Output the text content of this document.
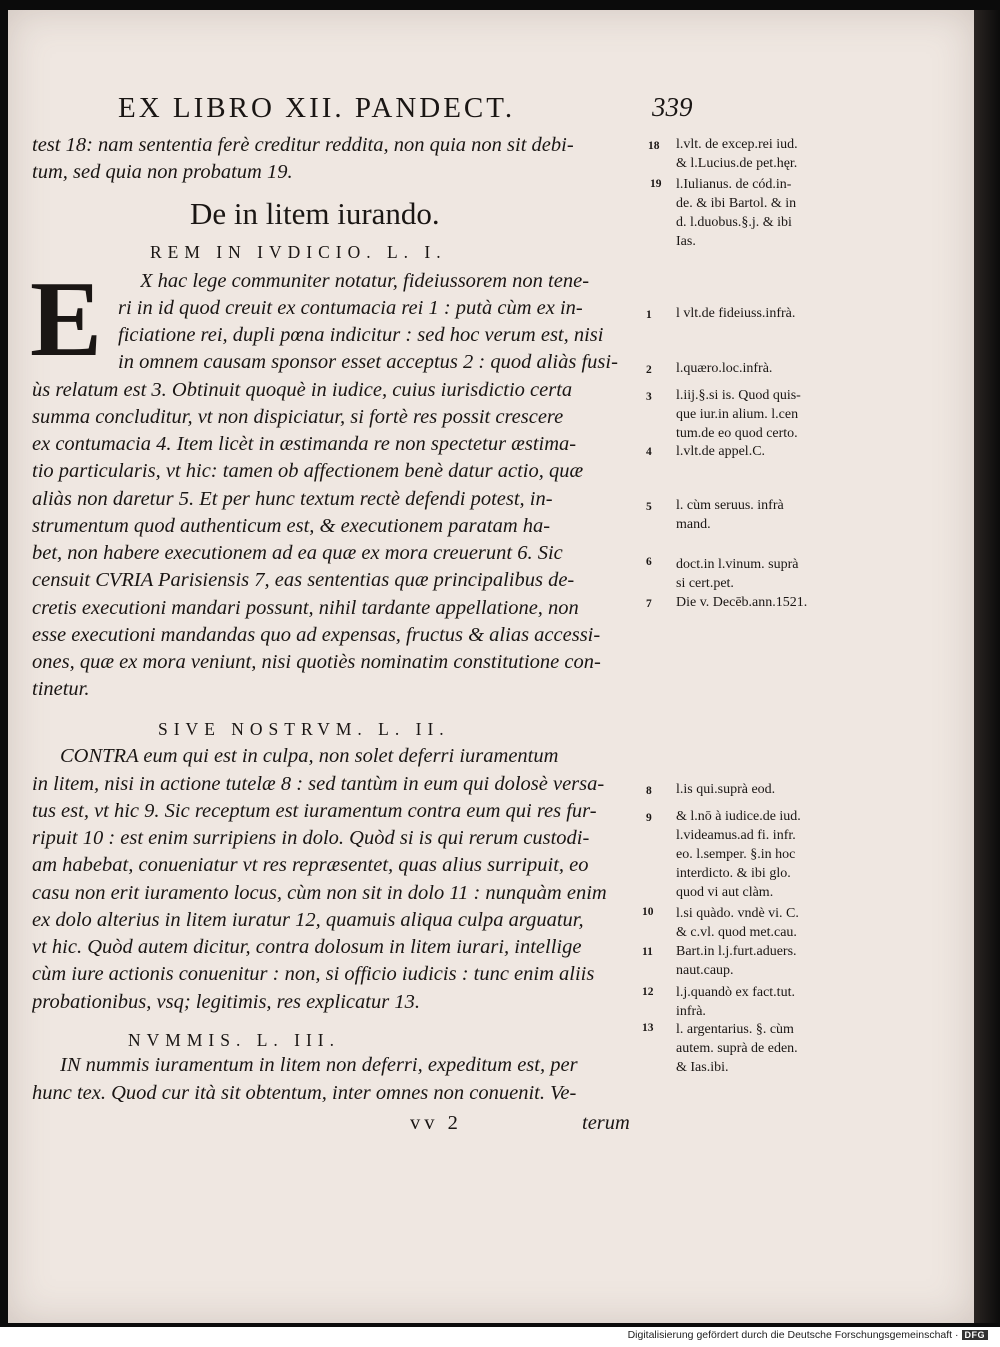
EX LIBRO XII. PANDECT.	339
test 18: nam sententia ferè creditur reddita, non quia non sit debi-
tum, sed quia non probatum 19.
De in litem iurando.
REM IN IVDICIO. L. I.
E X hac lege communiter notatur, fideiussorem non tene-
ri in id quod creuit ex contumacia rei 1 : putà cùm ex in-
ficiatione rei, dupli pœna indicitur : sed hoc verum est, nisi
in omnem causam sponsor esset acceptus 2 : quod aliàs fusi-
ùs relatum est 3. Obtinuit quoquè in iudice, cuius iurisdictio certa
summa concluditur, vt non dispiciatur, si fortè res possit crescere
ex contumacia 4. Item licèt in æstimanda re non spectetur æstima-
tio particularis, vt hic: tamen ob affectionem benè datur actio, quæ
aliàs non daretur 5. Et per hunc textum rectè defendi potest, in-
strumentum quod authenticum est, & executionem paratam ha-
bet, non habere executionem ad ea quæ ex mora creuerunt 6. Sic
censuit CVRIA Parisiensis 7, eas sententias quæ principalibus de-
cretis executioni mandari possunt, nihil tardante appellatione, non
esse executioni mandandas quo ad expensas, fructus & alias accessi-
ones, quæ ex mora veniunt, nisi quotiès nominatim constitutione con-
tinetur.
SIVE NOSTRVM. L. II.
CONTRA eum qui est in culpa, non solet deferri iuramentum
in litem, nisi in actione tutelæ 8 : sed tantùm in eum qui dolosè versa-
tus est, vt hic 9. Sic receptum est iuramentum contra eum qui res fur-
ripuit 10 : est enim surripiens in dolo. Quòd si is qui rerum custodi-
am habebat, conueniatur vt res repræsentet, quas alius surripuit, eo
casu non erit iuramento locus, cùm non sit in dolo 11 : nunquàm enim
ex dolo alterius in litem iuratur 12, quamuis aliqua culpa arguatur,
vt hic. Quòd autem dicitur, contra dolosum in litem iurari, intellige
cùm iure actionis conuenitur : non, si officio iudicis : tunc enim aliis
probationibus, vsq; legitimis, res explicatur 13.
NVMMIS. L. III.
IN nummis iuramentum in litem non deferri, expeditum est, per
hunc tex. Quod cur ità sit obtentum, inter omnes non conuenit. Ve-
vv 2	terum
18
19
1
2
3
4
5
6
7
8
9
10
11
12
13
l.vlt. de excep.rei iud.
& l.Lucius.de pet.hęr.
l.Iulianus. de cód.in-
de. & ibi Bartol. & in
d. l.duobus.§.j. & ibi
Ias.
l vlt.de fideiuss.infrà.
l.quæro.loc.infrà.
l.iij.§.si is. Quod quis-
que iur.in alium. l.cen
tum.de eo quod certo.
l.vlt.de appel.C.
l. cùm seruus. infrà
mand.
doct.in l.vinum. suprà
si cert.pet.
Die v. Decēb.ann.1521.
l.is qui.suprà eod.
& l.nō à iudice.de iud.
l.videamus.ad fi. infr.
eo. l.semper. §.in hoc
interdicto. & ibi glo.
quod vi aut clàm.
l.si quàdo. vndè vi. C.
& c.vl. quod met.cau.
Bart.in l.j.furt.aduers.
naut.caup.
l.j.quandò ex fact.tut.
infrà.
l. argentarius. §. cùm
autem. suprà de eden.
& Ias.ibi.
Digitalisierung gefördert durch die Deutsche Forschungsgemeinschaft · DFG
